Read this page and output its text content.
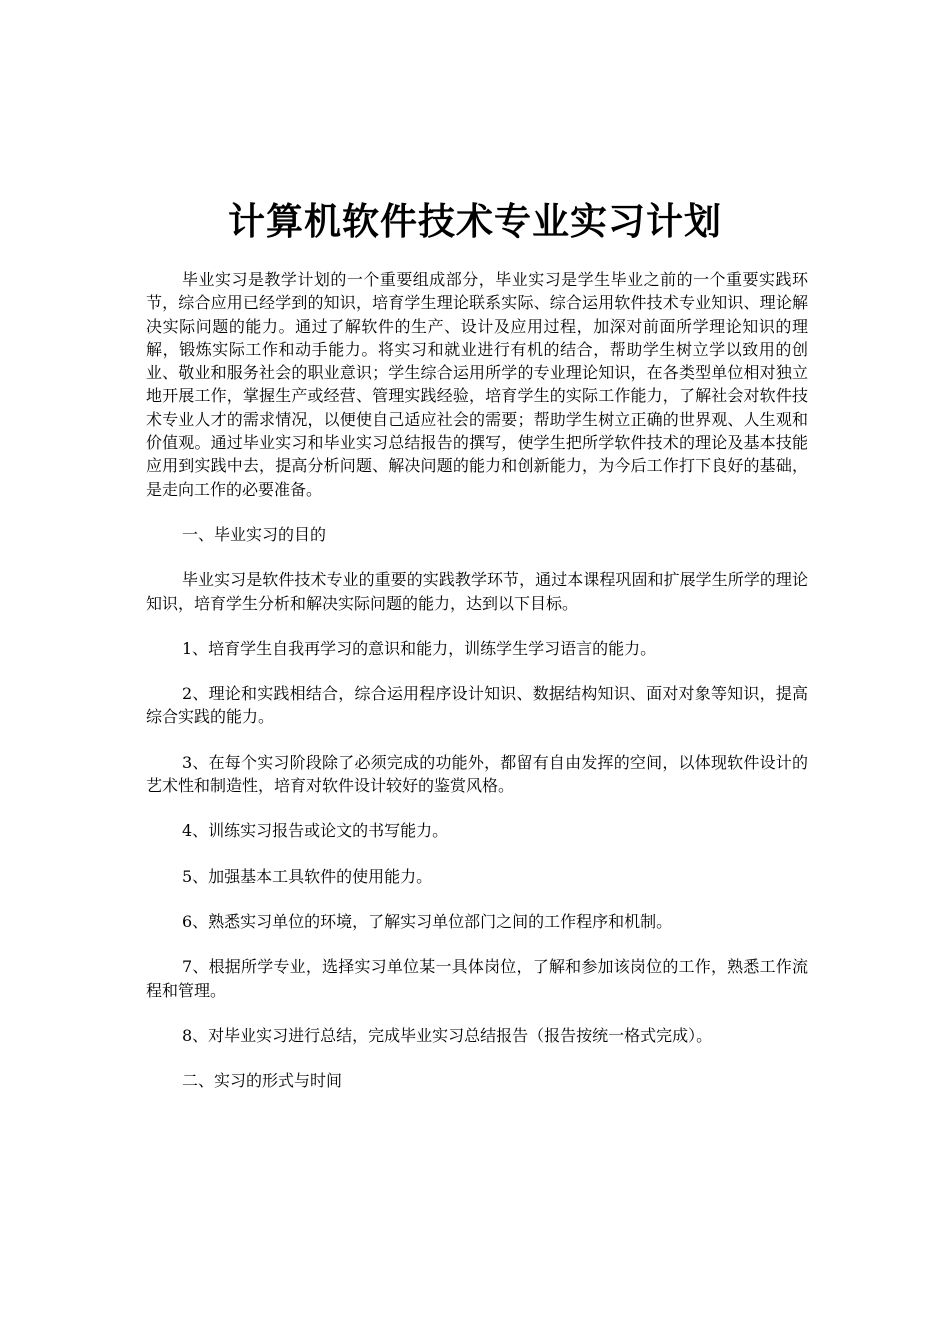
计算机软件技术专业实习计划

毕业实习是教学计划的一个重要组成部分，毕业实习是学生毕业之前的一个重要实践环节，综合应用已经学到的知识，培育学生理论联系实际、综合运用软件技术专业知识、理论解决实际问题的能力。通过了解软件的生产、设计及应用过程，加深对前面所学理论知识的理解，锻炼实际工作和动手能力。将实习和就业进行有机的结合，帮助学生树立学以致用的创业、敬业和服务社会的职业意识；学生综合运用所学的专业理论知识，在各类型单位相对独立地开展工作，掌握生产或经营、管理实践经验，培育学生的实际工作能力，了解社会对软件技术专业人才的需求情况，以便使自己适应社会的需要；帮助学生树立正确的世界观、人生观和价值观。通过毕业实习和毕业实习总结报告的撰写，使学生把所学软件技术的理论及基本技能应用到实践中去，提高分析问题、解决问题的能力和创新能力，为今后工作打下良好的基础，是走向工作的必要准备。

一、毕业实习的目的

毕业实习是软件技术专业的重要的实践教学环节，通过本课程巩固和扩展学生所学的理论知识，培育学生分析和解决实际问题的能力，达到以下目标。

1、培育学生自我再学习的意识和能力，训练学生学习语言的能力。

2、理论和实践相结合，综合运用程序设计知识、数据结构知识、面对对象等知识，提高综合实践的能力。

3、在每个实习阶段除了必须完成的功能外，都留有自由发挥的空间，以体现软件设计的艺术性和制造性，培育对软件设计较好的鉴赏风格。

4、训练实习报告或论文的书写能力。

5、加强基本工具软件的使用能力。

6、熟悉实习单位的环境，了解实习单位部门之间的工作程序和机制。

7、根据所学专业，选择实习单位某一具体岗位，了解和参加该岗位的工作，熟悉工作流程和管理。

8、对毕业实习进行总结，完成毕业实习总结报告（报告按统一格式完成）。

二、实习的形式与时间
